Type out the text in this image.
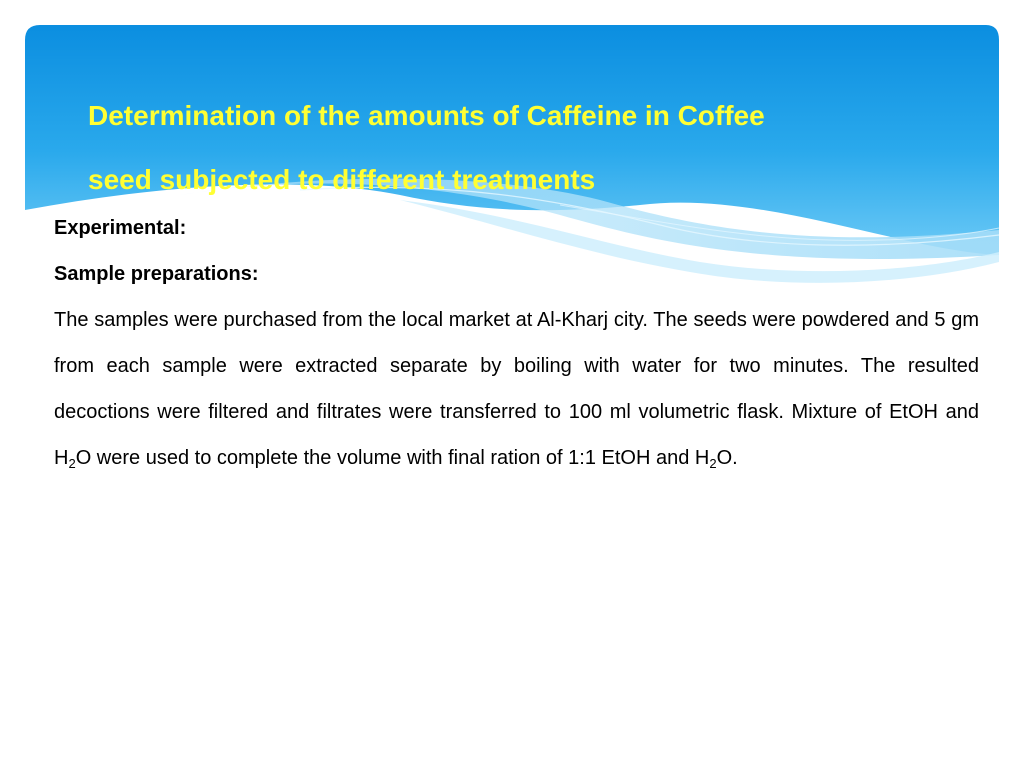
Determination of the amounts of Caffeine in Coffee
seed subjected to different treatments

Experimental:

Sample preparations:

The samples were purchased from the local market at Al-Kharj city. The seeds were powdered and 5 gm from each sample were extracted separate by boiling with water for two minutes. The resulted decoctions were filtered and filtrates were transferred to 100 ml volumetric flask. Mixture of EtOH and $H_2O$ were used to complete the volume with final ration of 1:1 EtOH and $H_2O$.
